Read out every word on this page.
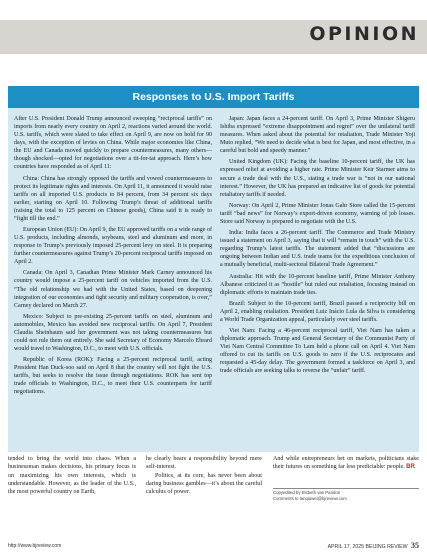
OPINION
Responses to U.S. Import Tariffs

After U.S. President Donald Trump announced sweeping “reciprocal tariffs” on imports from nearly every country on April 2, reactions varied around the world. U.S. tariffs, which were slated to take effect on April 9, are now on hold for 90 days, with the exception of levies on China. While major economies like China, the EU and Canada moved quickly to prepare countermeasures, many others—though shocked—opted for negotiations over a tit-for-tat approach. Here’s how countries have responded as of April 11:

China: China has strongly opposed the tariffs and vowed countermeasures to protect its legitimate rights and interests. On April 11, it announced it would raise tariffs on all imported U.S. products to 84 percent, from 34 percent six days earlier, starting on April 10. Following Trump’s threat of additional tariffs (raising the total to 125 percent on Chinese goods), China said it is ready to “fight till the end.”

European Union (EU): On April 9, the EU approved tariffs on a wide range of U.S. products, including almonds, soybeans, steel and aluminum and more, in response to Trump’s previously imposed 25-percent levy on steel. It is preparing further countermeasures against Trump’s 20-percent reciprocal tariffs imposed on April 2.

Canada: On April 3, Canadian Prime Minister Mark Carney announced his country would impose a 25-percent tariff on vehicles imported from the U.S. “The old relationship we had with the United States, based on deepening integration of our economies and tight security and military cooperation, is over,” Carney declared on March 27.

Mexico: Subject to pre-existing 25-percent tariffs on steel, aluminum and automobiles, Mexico has avoided new reciprocal tariffs. On April 7, President Claudia Sheinbaum said her government was not taking countermeasures but could not rule them out entirely. She said Secretary of Economy Marcelo Ebrard would travel to Washington, D.C., to meet with U.S. officials.

Republic of Korea (ROK): Facing a 25-percent reciprocal tariff, acting President Han Duck-soo said on April 8 that the country will not fight the U.S. tariffs, but seeks to resolve the issue through negotiations. ROK has sent top trade officials to Washington, D.C., to meet their U.S. counterparts for tariff negotiations.

Japan: Japan faces a 24-percent tariff. On April 3, Prime Minister Shigeru Ishiba expressed “extreme disappointment and regret” over the unilateral tariff measures. When asked about the potential for retaliation, Trade Minister Yoji Muto replied, “We need to decide what is best for Japan, and most effective, in a careful but bold and speedy manner.”

United Kingdom (UK): Facing the baseline 10-percent tariff, the UK has expressed relief at avoiding a higher rate. Prime Minister Keir Starmer aims to secure a trade deal with the U.S., stating a trade war is “not in our national interest.” However, the UK has prepared an indicative list of goods for potential retaliatory tariffs if needed.

Norway: On April 2, Prime Minister Jonas Gahr Store called the 15-percent tariff “bad news” for Norway’s export-driven economy, warning of job losses. Store said Norway is prepared to negotiate with the U.S.

India: India faces a 26-percent tariff. The Commerce and Trade Ministry issued a statement on April 3, saying that it will “remain in touch” with the U.S. regarding Trump’s latest tariffs. The statement added that “discussions are ongoing between Indian and U.S. trade teams for the expeditious conclusion of a mutually beneficial, multi-sectoral Bilateral Trade Agreement.”

Australia: Hit with the 10-percent baseline tariff, Prime Minister Anthony Albanese criticized it as “hostile” but ruled out retaliation, focusing instead on diplomatic efforts to maintain trade ties.

Brazil: Subject to the 10-percent tariff, Brazil passed a reciprocity bill on April 2, enabling retaliation. President Luiz Inácio Lula da Silva is considering a World Trade Organization appeal, particularly over steel tariffs.

Viet Nam: Facing a 46-percent reciprocal tariff, Viet Nam has taken a diplomatic approach. Trump and General Secretary of the Communist Party of Viet Nam Central Committee To Lam held a phone call on April 4. Viet Nam offered to cut its tariffs on U.S. goods to zero if the U.S. reciprocates and requested a 45-day delay. The government formed a taskforce on April 3, and trade officials are seeking talks to reverse the “unfair” tariff.

tended to bring the world into chaos. When a businessman makes decisions, his primary focus is on maximizing his own interests, which is understandable. However, as the leader of the U.S., the most powerful country on Earth,

he clearly bears a responsibility beyond mere self-interest.

Politics, at its core, has never been about daring business gambles—it’s about the careful calculus of power.

And while entrepreneurs bet on markets, politicians stake their futures on something far less predictable: people. BR

Copyedited by Elsbeth van Paridon
Comments to lanqiuwei@bjreview.com
http://www.bjreview.com	APRIL 17, 2025 BEIJING REVIEW 35
